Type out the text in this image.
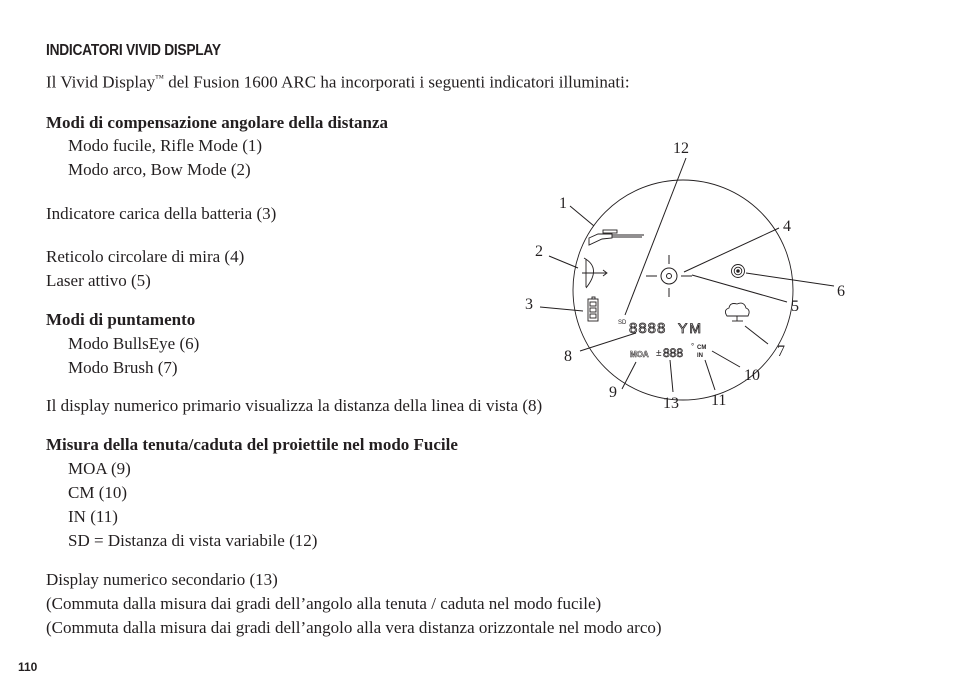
INDICATORI VIVID DISPLAY
Il Vivid Display™ del Fusion 1600 ARC ha incorporati i seguenti indicatori illuminati:
Modi di compensazione angolare della distanza
Modo fucile, Rifle Mode (1)
Modo arco, Bow Mode (2)
Indicatore carica della batteria (3)
Reticolo circolare di mira (4)
Laser attivo (5)
Modi di puntamento
Modo BullsEye (6)
Modo Brush (7)
Il display numerico primario visualizza la distanza della linea di vista (8)
Misura della tenuta/caduta del proiettile nel modo Fucile
MOA (9)
CM (10)
IN (11)
SD = Distanza di vista variabile (12)
Display numerico secondario (13)
(Commuta dalla misura dai gradi dell’angolo alla tenuta / caduta nel modo fucile)
(Commuta dalla misura dai gradi dell’angolo alla vera distanza orizzontale nel modo arco)
110
1
2
3
4
5
6
7
8
9
10
11
12
13
SD 8888 YM
MOA ± 888 ° CM
IN
